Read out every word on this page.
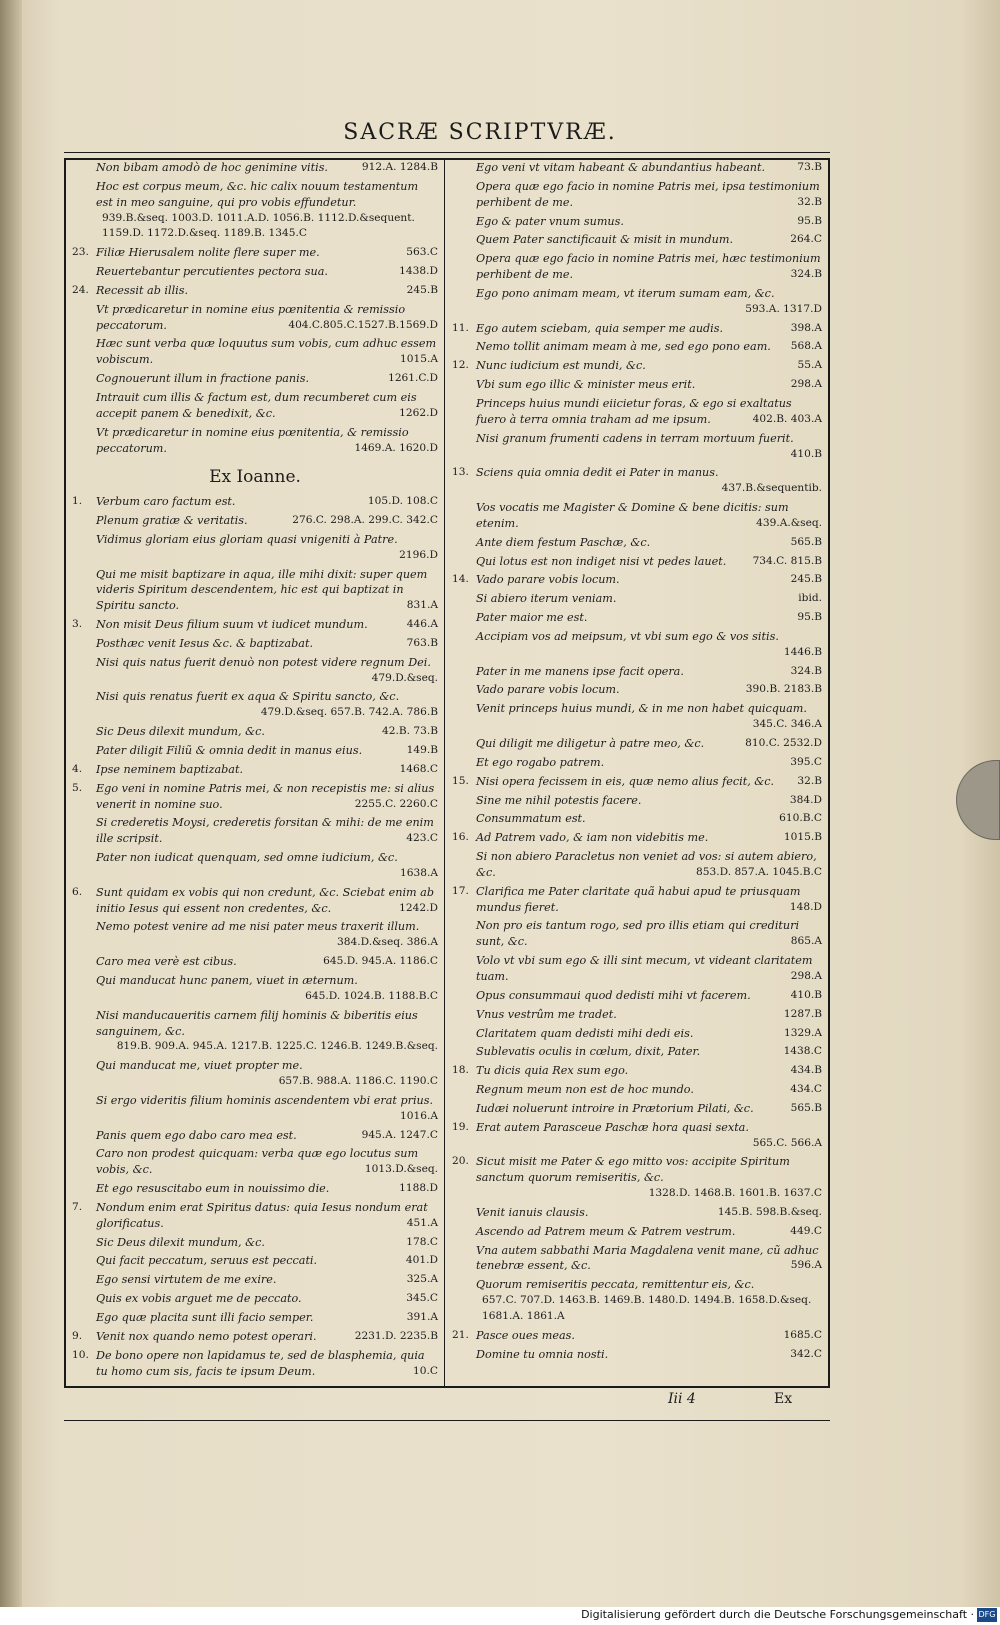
SACRÆ SCRIPTVRÆ.
Non bibam amodò de hoc genimine vitis.	912.A. 1284.B
Hoc est corpus meum, &c. hic calix nouum testamentum est in meo sanguine, qui pro vobis effundetur.
939.B.&seq. 1003.D. 1011.A.D. 1056.B. 1112.D.&sequent. 1159.D. 1172.D.&seq. 1189.B. 1345.C
23. Filiæ Hierusalem nolite flere super me.	563.C
Reuertebantur percutientes pectora sua.	1438.D
24. Recessit ab illis.	245.B
Vt prædicaretur in nomine eius pœnitentia & remissio peccatorum.	404.C.805.C.1527.B.1569.D
Hæc sunt verba quæ loquutus sum vobis, cum adhuc essem vobiscum.	1015.A
Cognouerunt illum in fractione panis.	1261.C.D
Intrauit cum illis & factum est, dum recumberet cum eis accepit panem & benedixit, &c.	1262.D
Vt prædicaretur in nomine eius pœnitentia, & remissio peccatorum.	1469.A. 1620.D
Ex Ioanne.
1. Verbum caro factum est.	105.D. 108.C
Plenum gratiæ & veritatis.	276.C. 298.A. 299.C. 342.C
Vidimus gloriam eius gloriam quasi vnigeniti à Patre.
2196.D
Qui me misit baptizare in aqua, ille mihi dixit: super quem videris Spiritum descendentem, hic est qui baptizat in Spiritu sancto.	831.A
3. Non misit Deus filium suum vt iudicet mundum.	446.A
Posthæc venit Iesus &c. & baptizabat.	763.B
Nisi quis natus fuerit denuò non potest videre regnum Dei.
479.D.&seq.
Nisi quis renatus fuerit ex aqua & Spiritu sancto, &c.
479.D.&seq. 657.B. 742.A. 786.B
Sic Deus dilexit mundum, &c.	42.B. 73.B
Pater diligit Filiũ & omnia dedit in manus eius.	149.B
4. Ipse neminem baptizabat.	1468.C
5. Ego veni in nomine Patris mei, & non recepistis me: si alius venerit in nomine suo.	2255.C. 2260.C
Si crederetis Moysi, crederetis forsitan & mihi: de me enim ille scripsit.	423.C
Pater non iudicat quenquam, sed omne iudicium, &c.
1638.A
6. Sunt quidam ex vobis qui non credunt, &c. Sciebat enim ab initio Iesus qui essent non credentes, &c.	1242.D
Nemo potest venire ad me nisi pater meus traxerit illum.
384.D.&seq. 386.A
Caro mea verè est cibus.	645.D. 945.A. 1186.C
Qui manducat hunc panem, viuet in æternum.
645.D. 1024.B. 1188.B.C
Nisi manducaueritis carnem filij hominis & biberitis eius sanguinem, &c.
819.B. 909.A. 945.A. 1217.B. 1225.C. 1246.B. 1249.B.&seq.
Qui manducat me, viuet propter me.
657.B. 988.A. 1186.C. 1190.C
Si ergo videritis filium hominis ascendentem vbi erat prius.
1016.A
Panis quem ego dabo caro mea est.	945.A. 1247.C
Caro non prodest quicquam: verba quæ ego locutus sum vobis, &c.	1013.D.&seq.
Et ego resuscitabo eum in nouissimo die.	1188.D
7. Nondum enim erat Spiritus datus: quia Iesus nondum erat glorificatus.	451.A
Sic Deus dilexit mundum, &c.	178.C
Qui facit peccatum, seruus est peccati.	401.D
Ego sensi virtutem de me exire.	325.A
Quis ex vobis arguet me de peccato.	345.C
Ego quæ placita sunt illi facio semper.	391.A
9. Venit nox quando nemo potest operari.	2231.D. 2235.B
10. De bono opere non lapidamus te, sed de blasphemia, quia tu homo cum sis, facis te ipsum Deum.	10.C
Ego veni vt vitam habeant & abundantius habeant.	73.B
Opera quæ ego facio in nomine Patris mei, ipsa testimonium perhibent de me.	32.B
Ego & pater vnum sumus.	95.B
Quem Pater sanctificauit & misit in mundum.	264.C
Opera quæ ego facio in nomine Patris mei, hæc testimonium perhibent de me.	324.B
Ego pono animam meam, vt iterum sumam eam, &c.
593.A. 1317.D
11. Ego autem sciebam, quia semper me audis.	398.A
Nemo tollit animam meam à me, sed ego pono eam.	568.A
12. Nunc iudicium est mundi, &c.	55.A
Vbi sum ego illic & minister meus erit.	298.A
Princeps huius mundi eiicietur foras, & ego si exaltatus fuero à terra omnia traham ad me ipsum.	402.B. 403.A
Nisi granum frumenti cadens in terram mortuum fuerit.
410.B
13. Sciens quia omnia dedit ei Pater in manus.
437.B.&sequentib.
Vos vocatis me Magister & Domine & bene dicitis: sum etenim.	439.A.&seq.
Ante diem festum Paschæ, &c.	565.B
Qui lotus est non indiget nisi vt pedes lauet.	734.C. 815.B
14. Vado parare vobis locum.	245.B
Si abiero iterum veniam.	ibid.
Pater maior me est.	95.B
Accipiam vos ad meipsum, vt vbi sum ego & vos sitis.
1446.B
Pater in me manens ipse facit opera.	324.B
Vado parare vobis locum.	390.B. 2183.B
Venit princeps huius mundi, & in me non habet quicquam.
345.C. 346.A
Qui diligit me diligetur à patre meo, &c.	810.C. 2532.D
Et ego rogabo patrem.	395.C
15. Nisi opera fecissem in eis, quæ nemo alius fecit, &c.	32.B
Sine me nihil potestis facere.	384.D
Consummatum est.	610.B.C
16. Ad Patrem vado, & iam non videbitis me.	1015.B
Si non abiero Paracletus non veniet ad vos: si autem abiero, &c.	853.D. 857.A. 1045.B.C
17. Clarifica me Pater claritate quã habui apud te priusquam mundus fieret.	148.D
Non pro eis tantum rogo, sed pro illis etiam qui credituri sunt, &c.	865.A
Volo vt vbi sum ego & illi sint mecum, vt videant claritatem tuam.	298.A
Opus consummaui quod dedisti mihi vt facerem.	410.B
Vnus vestrûm me tradet.	1287.B
Claritatem quam dedisti mihi dedi eis.	1329.A
Sublevatis oculis in cœlum, dixit, Pater.	1438.C
18. Tu dicis quia Rex sum ego.	434.B
Regnum meum non est de hoc mundo.	434.C
Iudæi noluerunt introire in Prætorium Pilati, &c.	565.B
19. Erat autem Parasceue Paschæ hora quasi sexta.
565.C. 566.A
20. Sicut misit me Pater & ego mitto vos: accipite Spiritum sanctum quorum remiseritis, &c.
1328.D. 1468.B. 1601.B. 1637.C
Venit ianuis clausis.	145.B. 598.B.&seq.
Ascendo ad Patrem meum & Patrem vestrum.	449.C
Vna autem sabbathi Maria Magdalena venit mane, cũ adhuc tenebræ essent, &c.	596.A
Quorum remiseritis peccata, remittentur eis, &c.
657.C. 707.D. 1463.B. 1469.B. 1480.D. 1494.B. 1658.D.&seq. 1681.A. 1861.A
21. Pasce oues meas.	1685.C
Domine tu omnia nosti.	342.C
Iii 4	Ex
Digitalisierung gefördert durch die Deutsche Forschungsgemeinschaft · DFG
